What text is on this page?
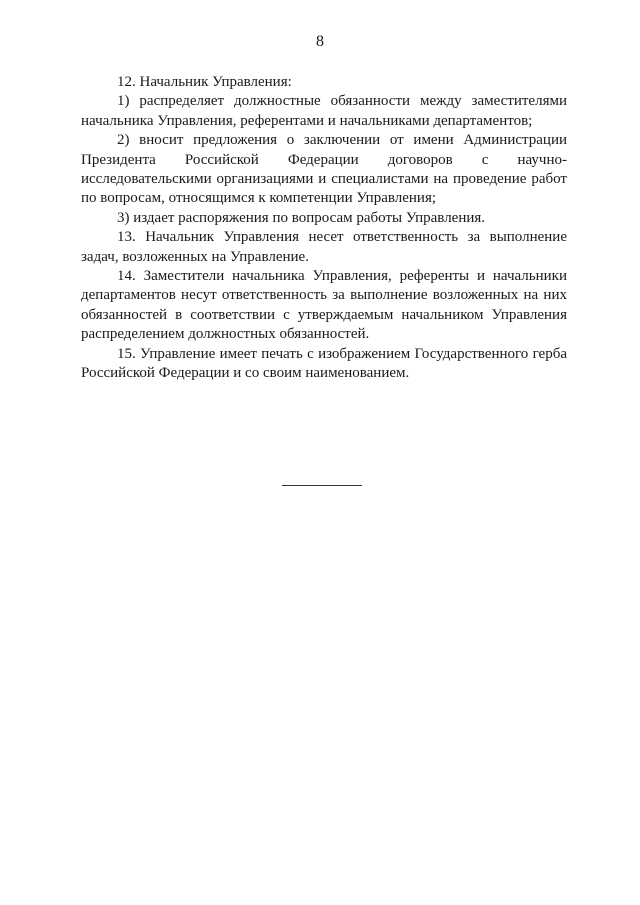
8

12. Начальник Управления:

1) распределяет должностные обязанности между заместителями начальника Управления, референтами и начальниками департаментов;

2) вносит предложения о заключении от имени Администрации Президента Российской Федерации договоров с научно-исследовательскими организациями и специалистами на проведение работ по вопросам, относящимся к компетенции Управления;

3) издает распоряжения по вопросам работы Управления.

13. Начальник Управления несет ответственность за выполнение задач, возложенных на Управление.

14. Заместители начальника Управления, референты и начальники департаментов несут ответственность за выполнение возложенных на них обязанностей в соответствии с утверждаемым начальником Управления распределением должностных обязанностей.

15. Управление имеет печать с изображением Государственного герба Российской Федерации и со своим наименованием.
